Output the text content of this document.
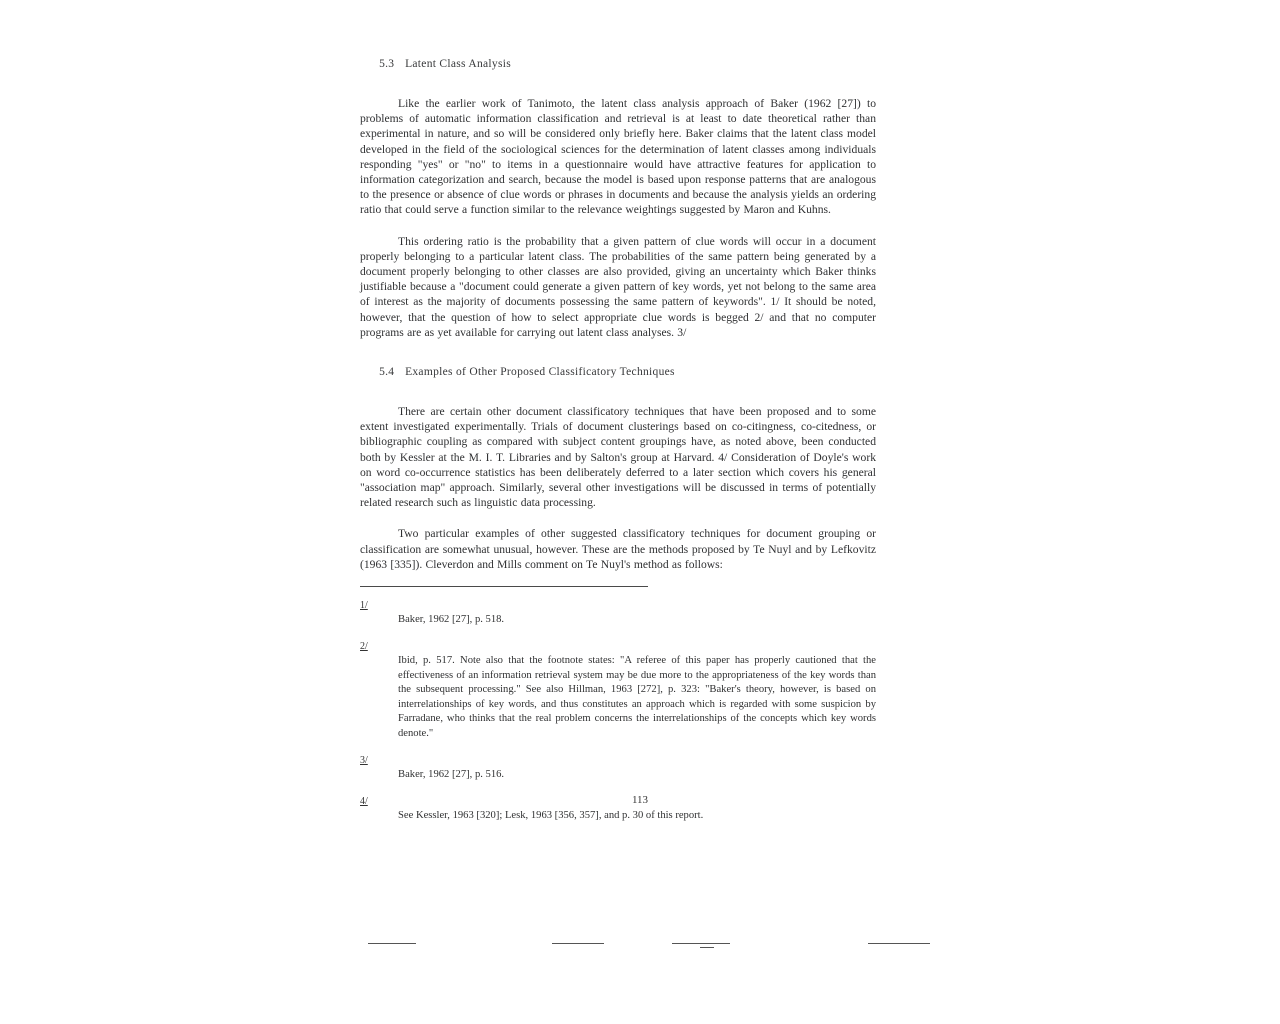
5.3 Latent Class Analysis

Like the earlier work of Tanimoto, the latent class analysis approach of Baker (1962 [27]) to problems of automatic information classification and retrieval is at least to date theoretical rather than experimental in nature, and so will be considered only briefly here. Baker claims that the latent class model developed in the field of the sociological sciences for the determination of latent classes among individuals responding "yes" or "no" to items in a questionnaire would have attractive features for application to information categorization and search, because the model is based upon response patterns that are analogous to the presence or absence of clue words or phrases in documents and because the analysis yields an ordering ratio that could serve a function similar to the relevance weightings suggested by Maron and Kuhns.

This ordering ratio is the probability that a given pattern of clue words will occur in a document properly belonging to a particular latent class. The probabilities of the same pattern being generated by a document properly belonging to other classes are also provided, giving an uncertainty which Baker thinks justifiable because a "document could generate a given pattern of key words, yet not belong to the same area of interest as the majority of documents possessing the same pattern of keywords". 1/ It should be noted, however, that the question of how to select appropriate clue words is begged 2/ and that no computer programs are as yet available for carrying out latent class analyses. 3/

5.4 Examples of Other Proposed Classificatory Techniques

There are certain other document classificatory techniques that have been proposed and to some extent investigated experimentally. Trials of document clusterings based on co-citingness, co-citedness, or bibliographic coupling as compared with subject content groupings have, as noted above, been conducted both by Kessler at the M. I. T. Libraries and by Salton's group at Harvard. 4/ Consideration of Doyle's work on word co-occurrence statistics has been deliberately deferred to a later section which covers his general "association map" approach. Similarly, several other investigations will be discussed in terms of potentially related research such as linguistic data processing.

Two particular examples of other suggested classificatory techniques for document grouping or classification are somewhat unusual, however. These are the methods proposed by Te Nuyl and by Lefkovitz (1963 [335]). Cleverdon and Mills comment on Te Nuyl's method as follows:

1/

Baker, 1962 [27], p. 518.

2/

Ibid, p. 517. Note also that the footnote states: "A referee of this paper has properly cautioned that the effectiveness of an information retrieval system may be due more to the appropriateness of the key words than the subsequent processing." See also Hillman, 1963 [272], p. 323: "Baker's theory, however, is based on interrelationships of key words, and thus constitutes an approach which is regarded with some suspicion by Farradane, who thinks that the real problem concerns the interrelationships of the concepts which key words denote."

3/

Baker, 1962 [27], p. 516.

4/

See Kessler, 1963 [320]; Lesk, 1963 [356, 357], and p. 30 of this report.

113
